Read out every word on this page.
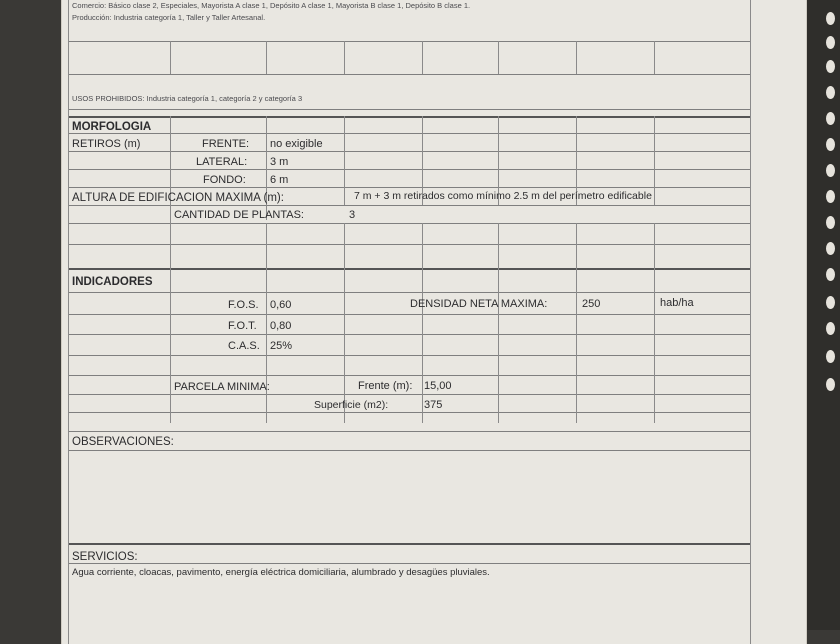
Comercio: Básico clase 2, Especiales, Mayorista A clase 1, Depósito A clase 1, Mayorista B clase 1, Depósito B clase 1.
Producción: Industria categoría 1, Taller y Taller Artesanal.
USOS PROHIBIDOS: Industria categoría 1, categoría 2 y categoría 3
MORFOLOGIA
RETIROS (m)	FRENTE: no exigible
LATERAL: 3 m
FONDO: 6 m
ALTURA DE EDIFICACION MAXIMA (m):	7 m + 3 m retirados como mínimo 2.5 m del perímetro edificable
CANTIDAD DE PLANTAS:	3
INDICADORES
F.O.S. 0,60	DENSIDAD NETA MAXIMA:	250	hab/ha
F.O.T. 0,80
C.A.S. 25%
PARCELA MINIMA:	Frente (m): 15,00
Superficie (m2):	375
OBSERVACIONES:
SERVICIOS:
Agua corriente, cloacas, pavimento, energía eléctrica domiciliaria, alumbrado y desagües pluviales.
